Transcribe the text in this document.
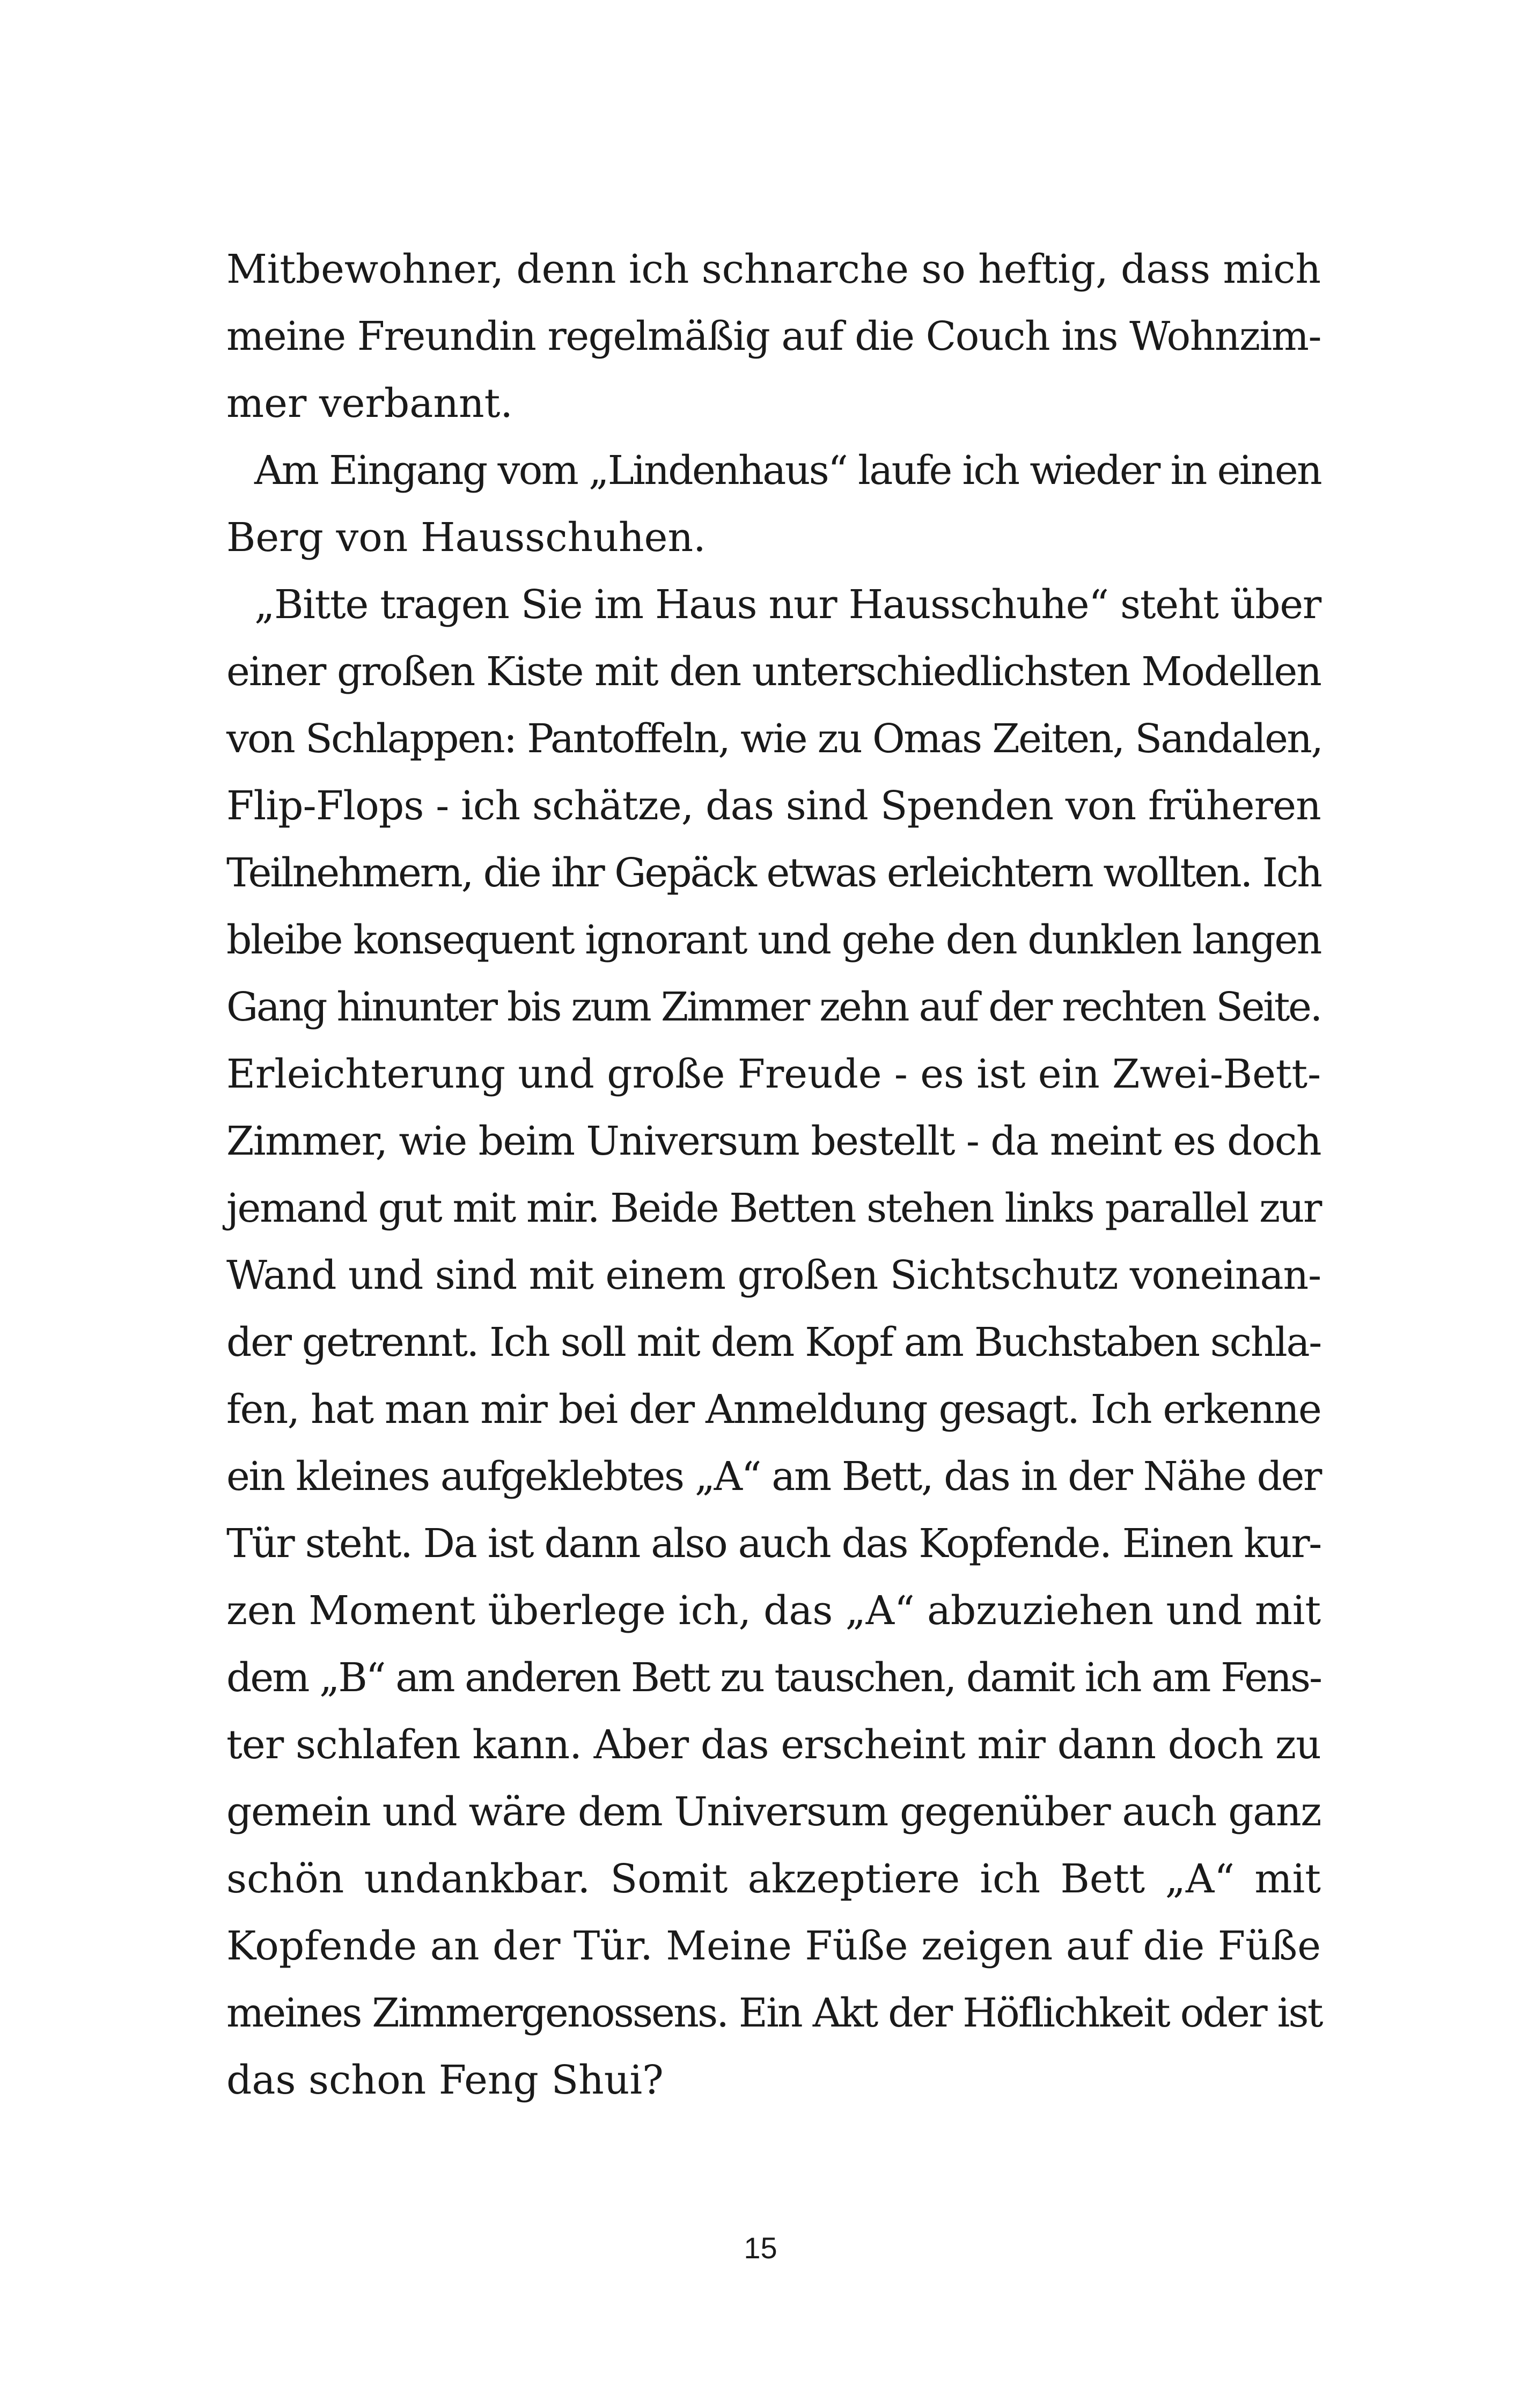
Mitbewohner, denn ich schnarche so heftig, dass mich
meine Freundin regelmäßig auf die Couch ins Wohnzim-
mer verbannt.

Am Eingang vom „Lindenhaus“ laufe ich wieder in einen
Berg von Hausschuhen.

„Bitte tragen Sie im Haus nur Hausschuhe“ steht über
einer großen Kiste mit den unterschiedlichsten Modellen
von Schlappen: Pantoffeln, wie zu Omas Zeiten, Sandalen,
Flip-Flops - ich schätze, das sind Spenden von früheren
Teilnehmern, die ihr Gepäck etwas erleichtern wollten. Ich
bleibe konsequent ignorant und gehe den dunklen langen
Gang hinunter bis zum Zimmer zehn auf der rechten Seite.
Erleichterung und große Freude - es ist ein Zwei-Bett-
Zimmer, wie beim Universum bestellt - da meint es doch
jemand gut mit mir. Beide Betten stehen links parallel zur
Wand und sind mit einem großen Sichtschutz voneinan-
der getrennt. Ich soll mit dem Kopf am Buchstaben schla-
fen, hat man mir bei der Anmeldung gesagt. Ich erkenne
ein kleines aufgeklebtes „A“ am Bett, das in der Nähe der
Tür steht. Da ist dann also auch das Kopfende. Einen kur-
zen Moment überlege ich, das „A“ abzuziehen und mit
dem „B“ am anderen Bett zu tauschen, damit ich am Fens-
ter schlafen kann. Aber das erscheint mir dann doch zu
gemein und wäre dem Universum gegenüber auch ganz
schön undankbar. Somit akzeptiere ich Bett „A“ mit
Kopfende an der Tür. Meine Füße zeigen auf die Füße
meines Zimmergenossens. Ein Akt der Höflichkeit oder ist
das schon Feng Shui?

15
